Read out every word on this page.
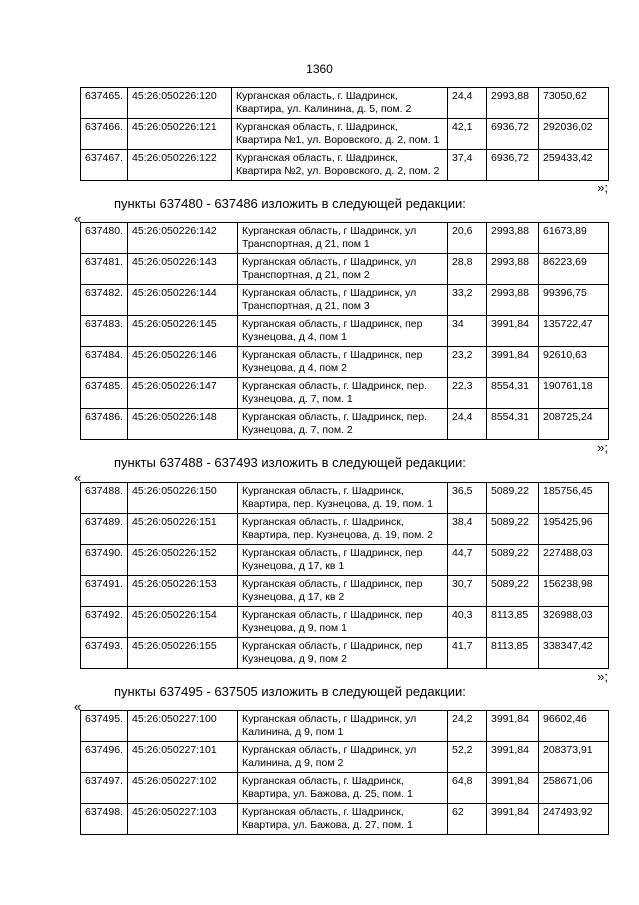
1360
637465.	45:26:050226:120	Курганская область, г. Шадринск, Квартира, ул. Калинина, д. 5, пом. 2	24,4	2993,88	73050,62
637466.	45:26:050226:121	Курганская область, г. Шадринск, Квартира №1, ул. Воровского, д. 2, пом. 1	42,1	6936,72	292036,02
637467.	45:26:050226:122	Курганская область, г. Шадринск, Квартира №2, ул. Воровского, д. 2, пом. 2	37,4	6936,72	259433,42
»;
пункты 637480 - 637486 изложить в следующей редакции:
«
637480.	45:26:050226:142	Курганская область, г Шадринск, ул Транспортная, д 21, пом 1	20,6	2993,88	61673,89
637481.	45:26:050226:143	Курганская область, г Шадринск, ул Транспортная, д 21, пом 2	28,8	2993,88	86223,69
637482.	45:26:050226:144	Курганская область, г Шадринск, ул Транспортная, д 21, пом 3	33,2	2993,88	99396,75
637483.	45:26:050226:145	Курганская область, г Шадринск, пер Кузнецова, д 4, пом 1	34	3991,84	135722,47
637484.	45:26:050226:146	Курганская область, г Шадринск, пер Кузнецова, д 4, пом 2	23,2	3991,84	92610,63
637485.	45:26:050226:147	Курганская область, г. Шадринск, пер. Кузнецова, д. 7, пом. 1	22,3	8554,31	190761,18
637486.	45:26:050226:148	Курганская область, г. Шадринск, пер. Кузнецова, д. 7, пом. 2	24,4	8554,31	208725,24
»;
пункты 637488 - 637493 изложить в следующей редакции:
«
637488.	45:26:050226:150	Курганская область, г. Шадринск, Квартира, пер. Кузнецова, д. 19, пом. 1	36,5	5089,22	185756,45
637489.	45:26:050226:151	Курганская область, г. Шадринск, Квартира, пер. Кузнецова, д. 19, пом. 2	38,4	5089,22	195425,96
637490.	45:26:050226:152	Курганская область, г Шадринск, пер Кузнецова, д 17, кв 1	44,7	5089,22	227488,03
637491.	45:26:050226:153	Курганская область, г Шадринск, пер Кузнецова, д 17, кв 2	30,7	5089,22	156238,98
637492.	45:26:050226:154	Курганская область, г Шадринск, пер Кузнецова, д 9, пом 1	40,3	8113,85	326988,03
637493.	45:26:050226:155	Курганская область, г Шадринск, пер Кузнецова, д 9, пом 2	41,7	8113,85	338347,42
»;
пункты 637495 - 637505 изложить в следующей редакции:
«
637495.	45:26:050227:100	Курганская область, г Шадринск, ул Калинина, д 9, пом 1	24,2	3991,84	96602,46
637496.	45:26:050227:101	Курганская область, г Шадринск, ул Калинина, д 9, пом 2	52,2	3991,84	208373,91
637497.	45:26:050227:102	Курганская область, г. Шадринск, Квартира, ул. Бажова, д. 25, пом. 1	64,8	3991,84	258671,06
637498.	45:26:050227:103	Курганская область, г. Шадринск, Квартира, ул. Бажова, д. 27, пом. 1	62	3991,84	247493,92
